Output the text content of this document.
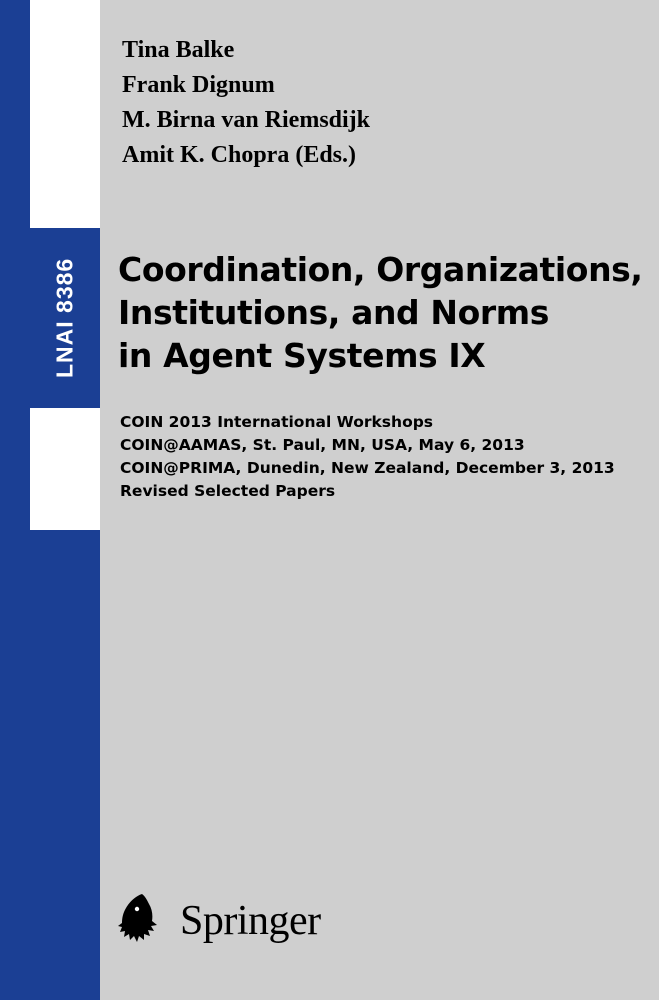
LNAI 8386
Tina Balke
Frank Dignum
M. Birna van Riemsdijk
Amit K. Chopra (Eds.)
Coordination, Organizations,
Institutions, and Norms
in Agent Systems IX
COIN 2013 International Workshops
COIN@AAMAS, St. Paul, MN, USA, May 6, 2013
COIN@PRIMA, Dunedin, New Zealand, December 3, 2013
Revised Selected Papers
Springer
